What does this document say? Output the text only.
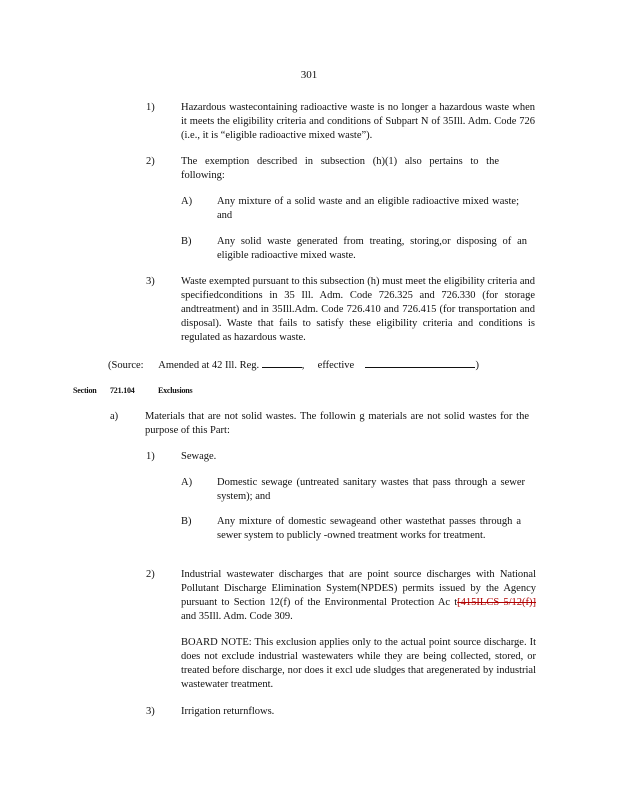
301
1)	Hazardous wastecontaining radioactive waste is no longer a hazardous waste when it meets the eligibility criteria and conditions of Subpart N of 35Ill. Adm. Code 726 (i.e., it is “eligible radioactive mixed waste”).
2)	The exemption described in subsection (h)(1) also pertains to the following:
A) Any mixture of a solid waste and an eligible radioactive mixed waste; and
B) Any solid waste generated from treating, storing,or disposing of an eligible radioactive mixed waste.
3)	Waste exempted pursuant to this subsection (h) must meet the eligibility criteria and specifiedconditions in 35 Ill. Adm. Code 726.325 and 726.330 (for storage andtreatment) and in 35Ill.Adm. Code 726.410 and 726.415 (for transportation and disposal). Waste that fails to satisfy these eligibility criteria and conditions is regulated as hazardous waste.
(Source: Amended at 42 Ill. Reg.	, effective	)
Section 721.104	Exclusions
a)	Materials that are not solid wastes. The followin g materials are not solid wastes for the purpose of this Part:
1)	Sewage.
A) Domestic sewage (untreated sanitary wastes that pass through a sewer system); and
B) Any mixture of domestic sewageand other wastethat passes through a sewer system to publicly -owned treatment works for treatment.
2)	Industrial wastewater discharges that are point source discharges with National Pollutant Discharge Elimination System(NPDES) permits issued by the Agency pursuant to Section 12(f) of the Environmental Protection Ac t[415ILCS 5/12(f)] and 35Ill. Adm. Code 309.
BOARD NOTE: This exclusion applies only to the actual point source discharge. It does not exclude industrial wastewaters while they are being collected, stored, or treated before discharge, nor does it excl ude sludges that aregenerated by industrial wastewater treatment.
3)	Irrigation returnflows.
